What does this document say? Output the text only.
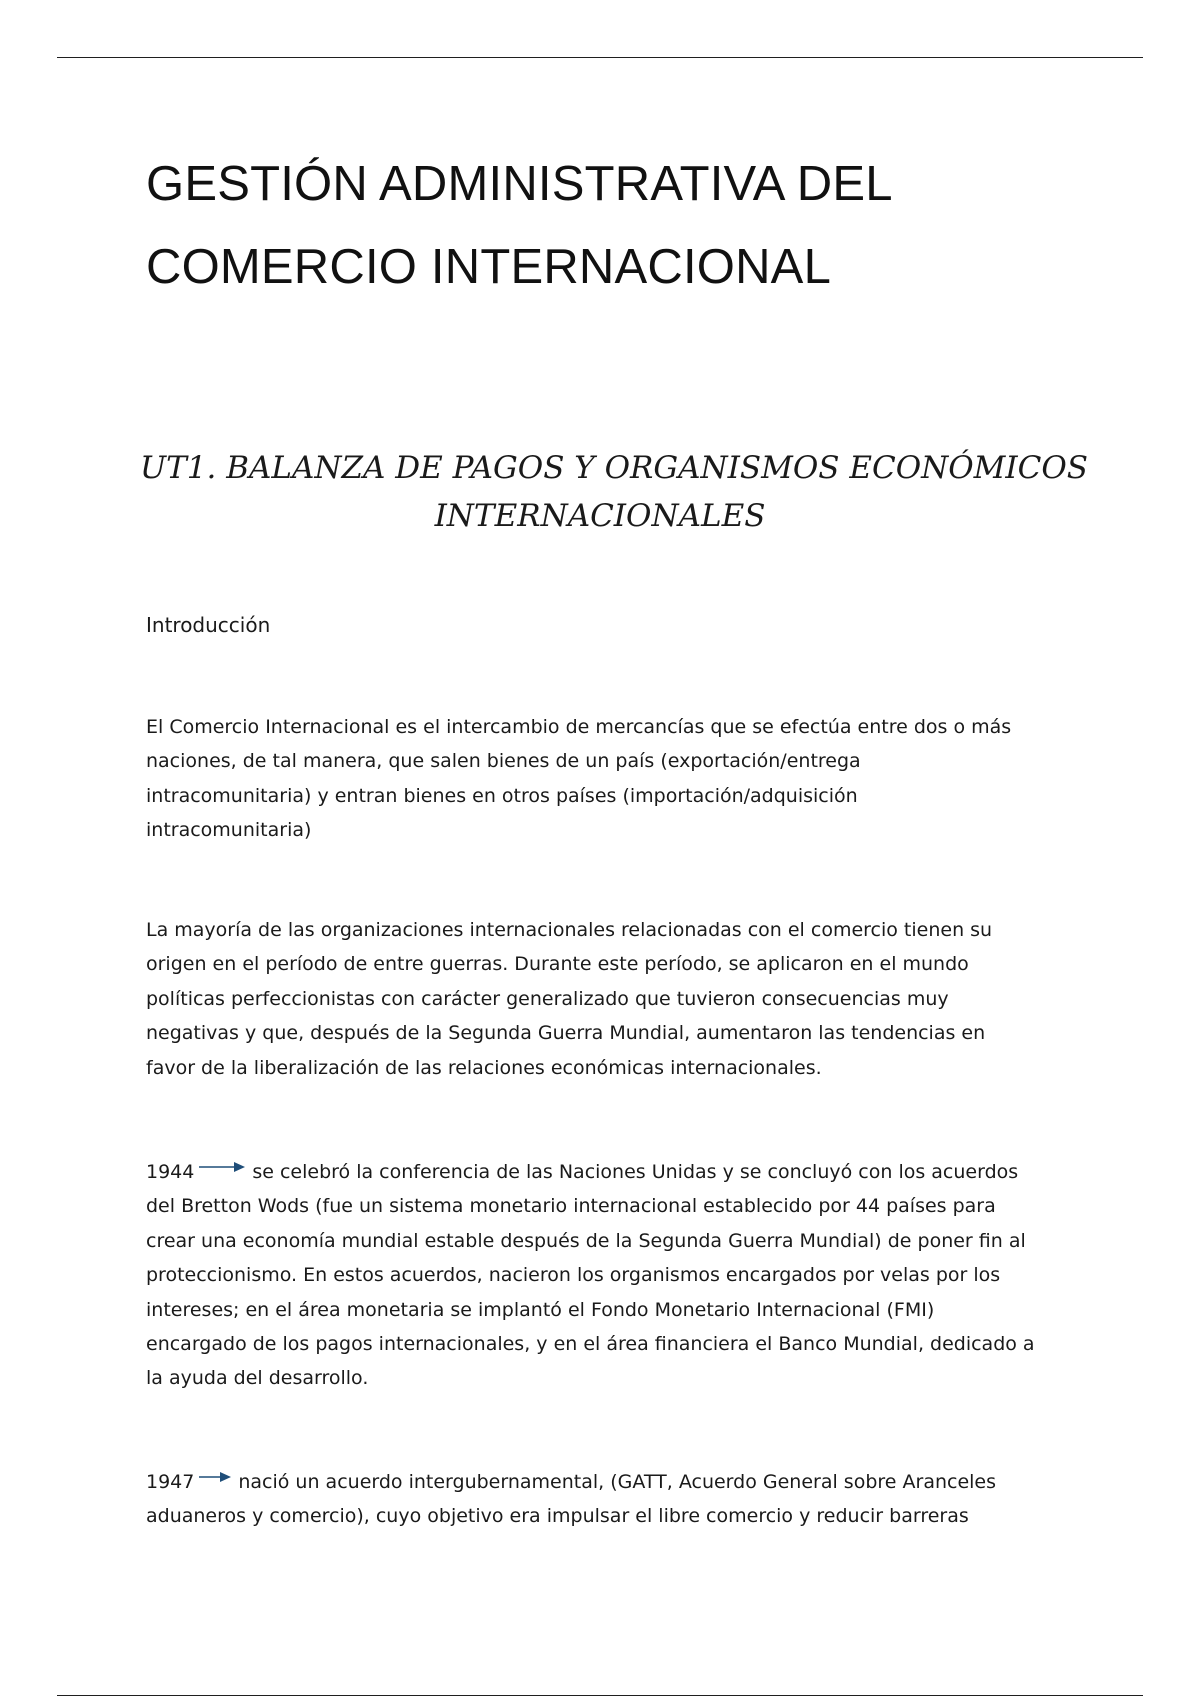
GESTIÓN ADMINISTRATIVA DEL
COMERCIO INTERNACIONAL
UT1. BALANZA DE PAGOS Y ORGANISMOS ECONÓMICOS
INTERNACIONALES

Introducción

El Comercio Internacional es el intercambio de mercancías que se efectúa entre dos o más
naciones, de tal manera, que salen bienes de un país (exportación/entrega
intracomunitaria) y entran bienes en otros países (importación/adquisición
intracomunitaria)

La mayoría de las organizaciones internacionales relacionadas con el comercio tienen su
origen en el período de entre guerras. Durante este período, se aplicaron en el mundo
políticas perfeccionistas con carácter generalizado que tuvieron consecuencias muy
negativas y que, después de la Segunda Guerra Mundial, aumentaron las tendencias en
favor de la liberalización de las relaciones económicas internacionales.

1944	se celebró la conferencia de las Naciones Unidas y se concluyó con los acuerdos
del Bretton Wods (fue un sistema monetario internacional establecido por 44 países para
crear una economía mundial estable después de la Segunda Guerra Mundial) de poner fin al
proteccionismo. En estos acuerdos, nacieron los organismos encargados por velas por los
intereses; en el área monetaria se implantó el Fondo Monetario Internacional (FMI)
encargado de los pagos internacionales, y en el área financiera el Banco Mundial, dedicado a
la ayuda del desarrollo.

1947 nació un acuerdo intergubernamental, (GATT, Acuerdo General sobre Aranceles
aduaneros y comercio), cuyo objetivo era impulsar el libre comercio y reducir barreras
